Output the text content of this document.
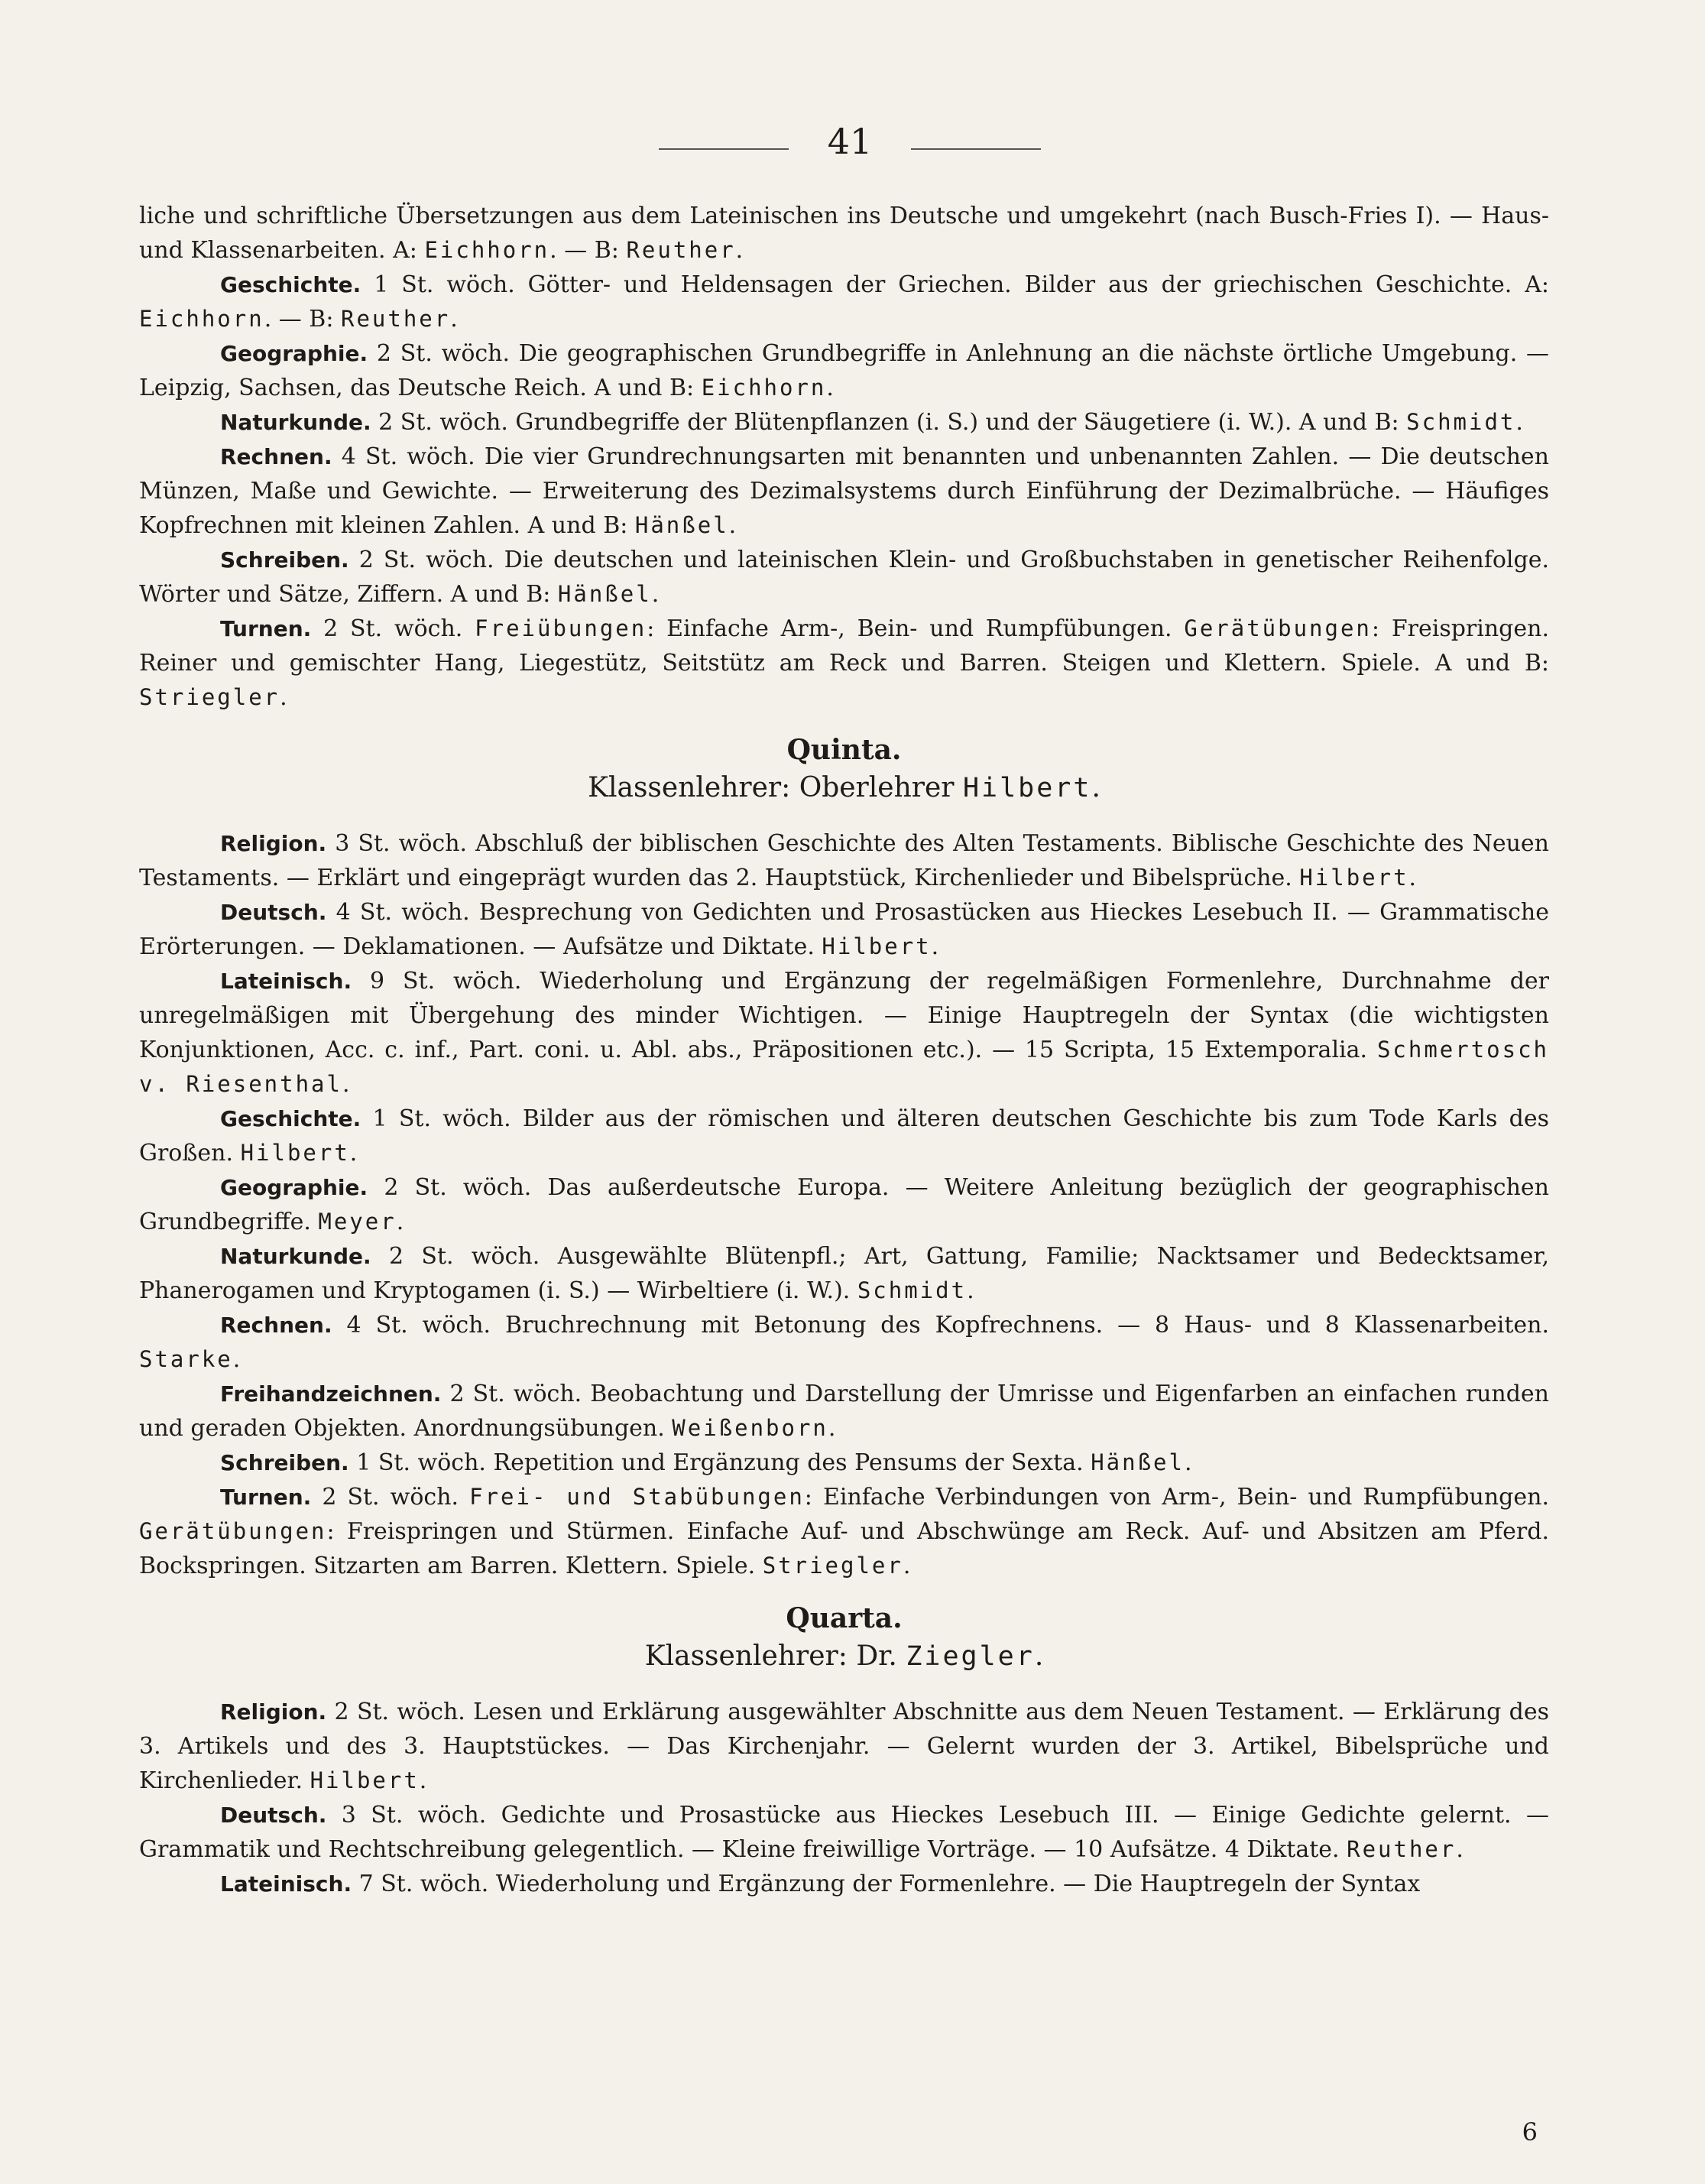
41

liche und schriftliche Übersetzungen aus dem Lateinischen ins Deutsche und umgekehrt (nach Busch-Fries I). — Haus- und Klassenarbeiten. A: Eichhorn. — B: Reuther.

Geschichte. 1 St. wöch. Götter- und Heldensagen der Griechen. Bilder aus der griechischen Geschichte. A: Eichhorn. — B: Reuther.

Geographie. 2 St. wöch. Die geographischen Grundbegriffe in Anlehnung an die nächste örtliche Umgebung. — Leipzig, Sachsen, das Deutsche Reich. A und B: Eichhorn.

Naturkunde. 2 St. wöch. Grundbegriffe der Blütenpflanzen (i. S.) und der Säugetiere (i. W.). A und B: Schmidt.

Rechnen. 4 St. wöch. Die vier Grundrechnungsarten mit benannten und unbenannten Zahlen. — Die deutschen Münzen, Maße und Gewichte. — Erweiterung des Dezimalsystems durch Einführung der Dezimalbrüche. — Häufiges Kopfrechnen mit kleinen Zahlen. A und B: Hänßel.

Schreiben. 2 St. wöch. Die deutschen und lateinischen Klein- und Großbuchstaben in genetischer Reihenfolge. Wörter und Sätze, Ziffern. A und B: Hänßel.

Turnen. 2 St. wöch. Freiübungen: Einfache Arm-, Bein- und Rumpfübungen. Gerätübungen: Freispringen. Reiner und gemischter Hang, Liegestütz, Seitstütz am Reck und Barren. Steigen und Klettern. Spiele. A und B: Striegler.

Quinta.
Klassenlehrer: Oberlehrer Hilbert.

Religion. 3 St. wöch. Abschluß der biblischen Geschichte des Alten Testaments. Biblische Geschichte des Neuen Testaments. — Erklärt und eingeprägt wurden das 2. Hauptstück, Kirchenlieder und Bibelsprüche. Hilbert.

Deutsch. 4 St. wöch. Besprechung von Gedichten und Prosastücken aus Hieckes Lesebuch II. — Grammatische Erörterungen. — Deklamationen. — Aufsätze und Diktate. Hilbert.

Lateinisch. 9 St. wöch. Wiederholung und Ergänzung der regelmäßigen Formenlehre, Durchnahme der unregelmäßigen mit Übergehung des minder Wichtigen. — Einige Hauptregeln der Syntax (die wichtigsten Konjunktionen, Acc. c. inf., Part. coni. u. Abl. abs., Präpositionen etc.). — 15 Scripta, 15 Extemporalia. Schmertosch v. Riesenthal.

Geschichte. 1 St. wöch. Bilder aus der römischen und älteren deutschen Geschichte bis zum Tode Karls des Großen. Hilbert.

Geographie. 2 St. wöch. Das außerdeutsche Europa. — Weitere Anleitung bezüglich der geographischen Grundbegriffe. Meyer.

Naturkunde. 2 St. wöch. Ausgewählte Blütenpfl.; Art, Gattung, Familie; Nacktsamer und Bedecktsamer, Phanerogamen und Kryptogamen (i. S.) — Wirbeltiere (i. W.). Schmidt.

Rechnen. 4 St. wöch. Bruchrechnung mit Betonung des Kopfrechnens. — 8 Haus- und 8 Klassenarbeiten. Starke.

Freihandzeichnen. 2 St. wöch. Beobachtung und Darstellung der Umrisse und Eigenfarben an einfachen runden und geraden Objekten. Anordnungsübungen. Weißenborn.

Schreiben. 1 St. wöch. Repetition und Ergänzung des Pensums der Sexta. Hänßel.

Turnen. 2 St. wöch. Frei- und Stabübungen: Einfache Verbindungen von Arm-, Bein- und Rumpfübungen. Gerätübungen: Freispringen und Stürmen. Einfache Auf- und Abschwünge am Reck. Auf- und Absitzen am Pferd. Bockspringen. Sitzarten am Barren. Klettern. Spiele. Striegler.

Quarta.
Klassenlehrer: Dr. Ziegler.

Religion. 2 St. wöch. Lesen und Erklärung ausgewählter Abschnitte aus dem Neuen Testament. — Erklärung des 3. Artikels und des 3. Hauptstückes. — Das Kirchenjahr. — Gelernt wurden der 3. Artikel, Bibelsprüche und Kirchenlieder. Hilbert.

Deutsch. 3 St. wöch. Gedichte und Prosastücke aus Hieckes Lesebuch III. — Einige Gedichte gelernt. — Grammatik und Rechtschreibung gelegentlich. — Kleine freiwillige Vorträge. — 10 Aufsätze. 4 Diktate. Reuther.

Lateinisch. 7 St. wöch. Wiederholung und Ergänzung der Formenlehre. — Die Hauptregeln der Syntax

6
